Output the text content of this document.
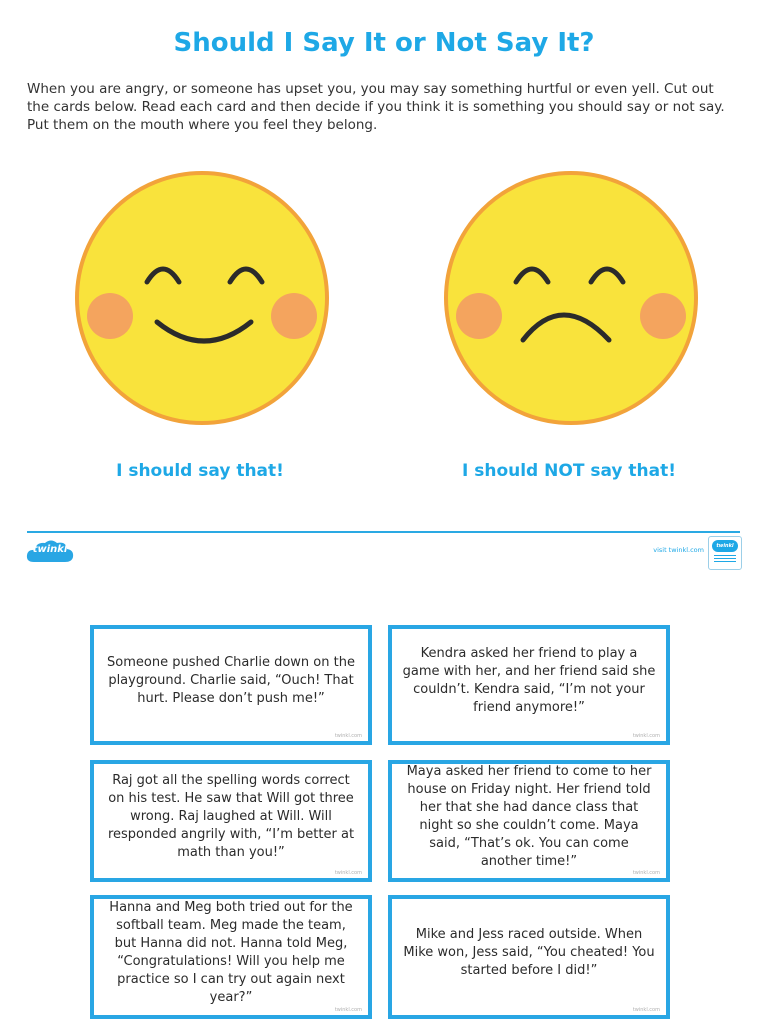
Should I Say It or Not Say It?

When you are angry, or someone has upset you, you may say something hurtful or even yell. Cut out the cards below. Read each card and then decide if you think it is something you should say or not say. Put them on the mouth where you feel they belong.

I should say that!	I should NOT say that!
twinkl	visit twinkl.com	twinkl
Someone pushed Charlie down on the playground. Charlie said, “Ouch! That hurt. Please don’t push me!”
twinkl.com
Kendra asked her friend to play a game with her, and her friend said she couldn’t. Kendra said, “I’m not your friend anymore!”
twinkl.com
Raj got all the spelling words correct on his test. He saw that Will got three wrong. Raj laughed at Will. Will responded angrily with, “I’m better at math than you!”
twinkl.com
Maya asked her friend to come to her house on Friday night. Her friend told her that she had dance class that night so she couldn’t come. Maya said, “That’s ok. You can come another time!”
twinkl.com
Hanna and Meg both tried out for the softball team. Meg made the team, but Hanna did not. Hanna told Meg, “Congratulations! Will you help me practice so I can try out again next year?”
twinkl.com
Mike and Jess raced outside. When Mike won, Jess said, “You cheated! You started before I did!”
twinkl.com
